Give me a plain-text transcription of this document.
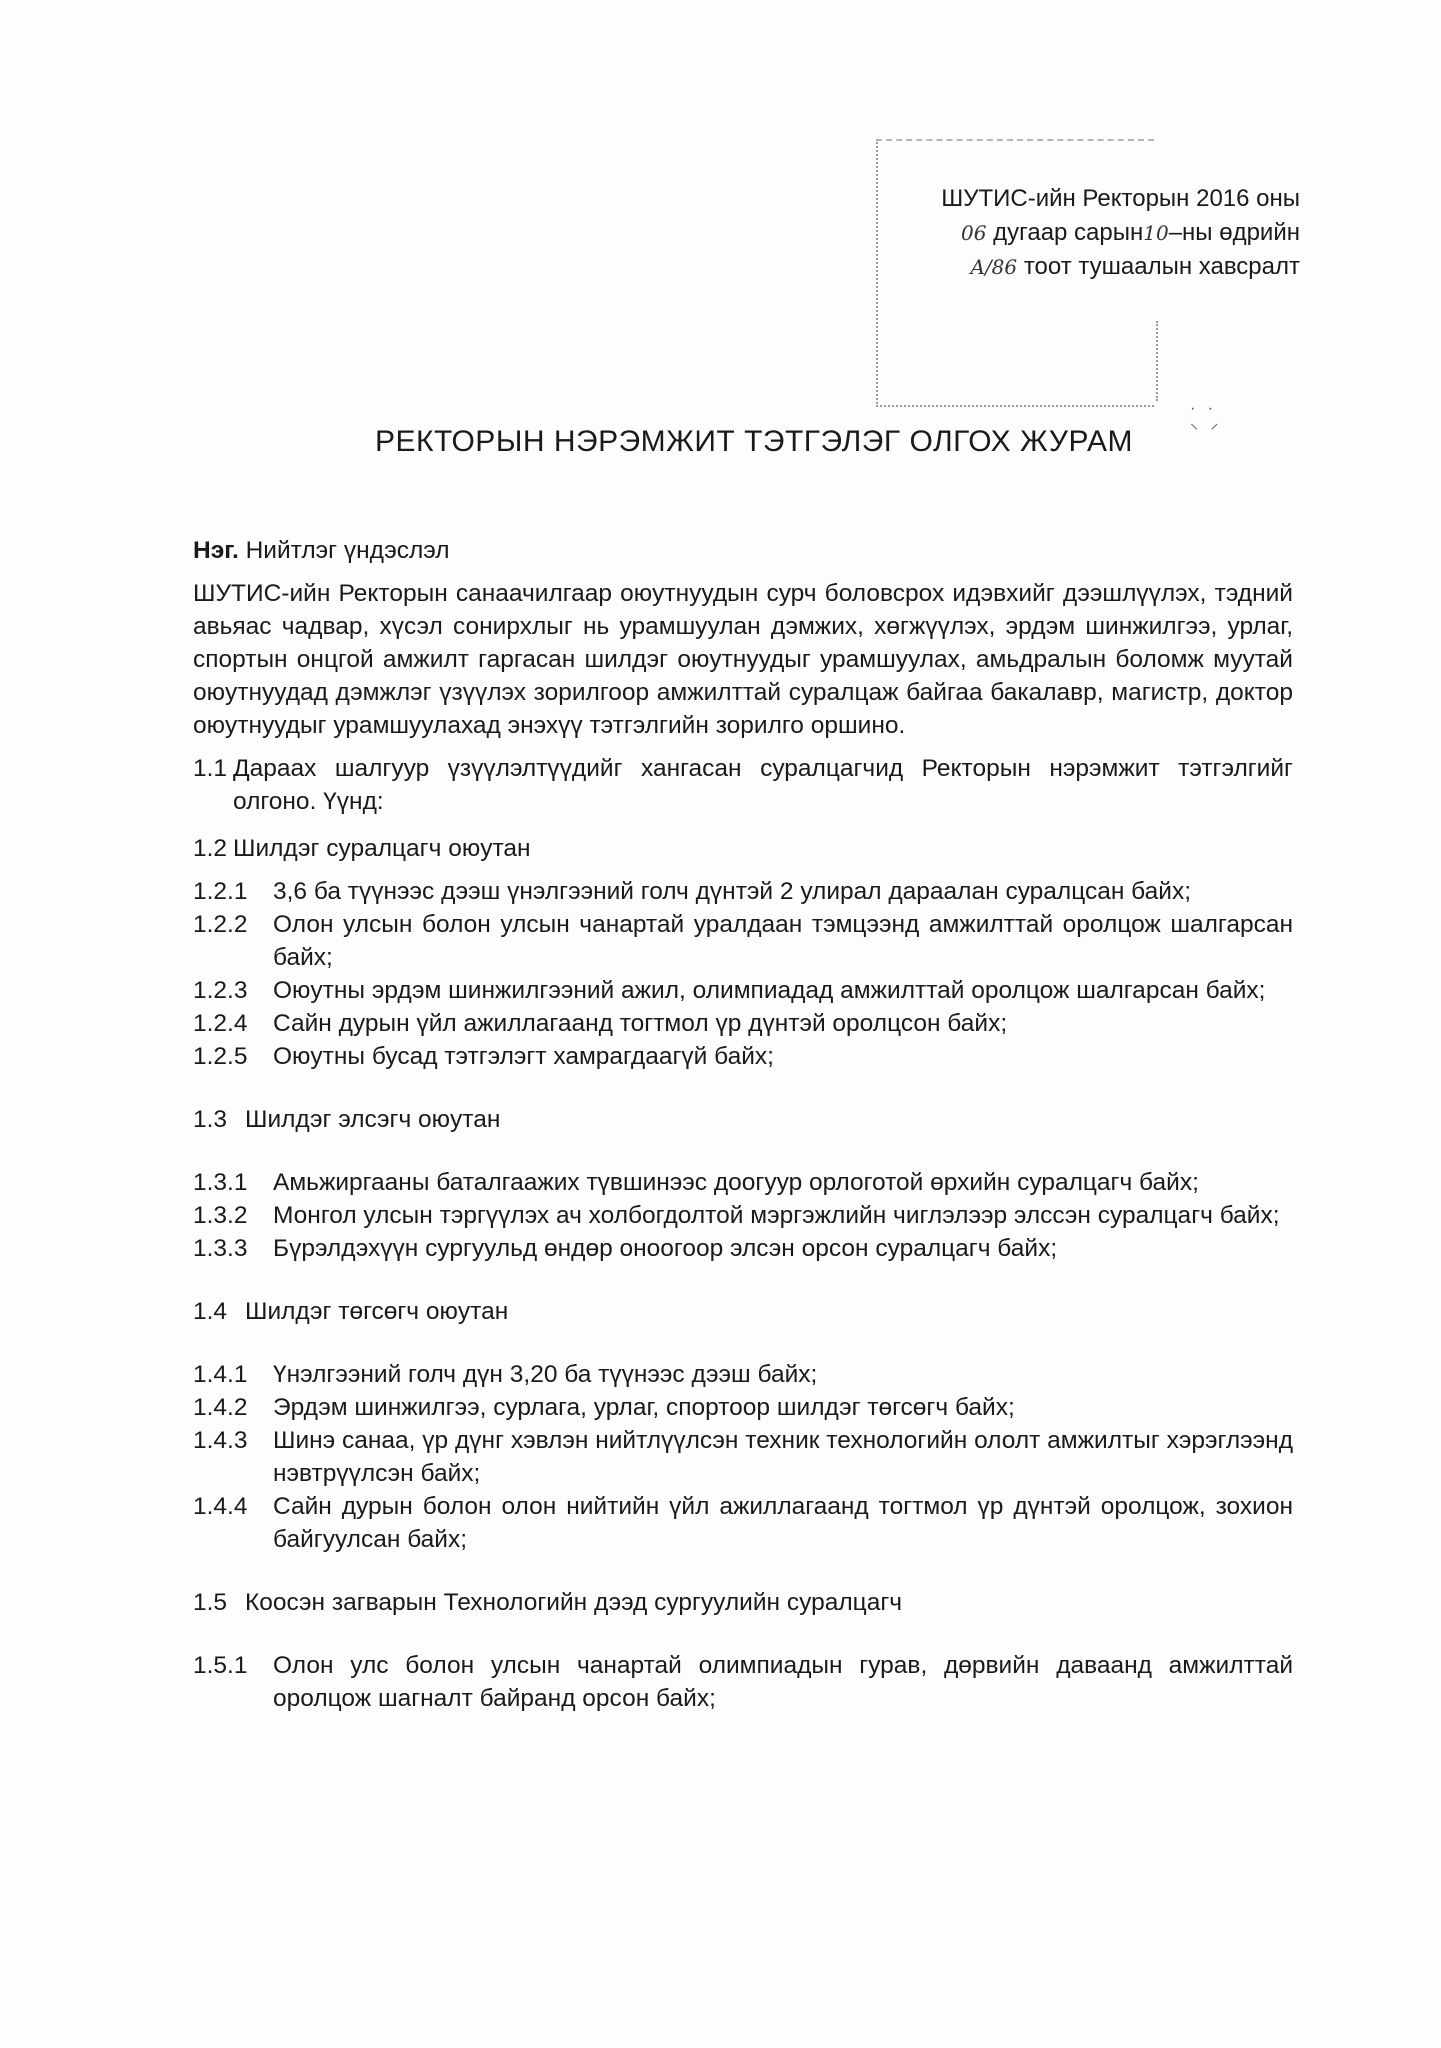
ШУТИС-ийн Ректорын 2016 оны
06 дугаар сарын10–ны өдрийн
A/86 тоот тушаалын хавсралт
· ·
⸌ ⸍
РЕКТОРЫН НЭРЭМЖИТ ТЭТГЭЛЭГ ОЛГОХ ЖУРАМ
Нэг. Нийтлэг үндэслэл

ШУТИС-ийн Ректорын санаачилгаар оюутнуудын сурч боловсрох идэвхийг дээшлүүлэх, тэдний авьяас чадвар, хүсэл сонирхлыг нь урамшуулан дэмжих, хөгжүүлэх, эрдэм шинжилгээ, урлаг, спортын онцгой амжилт гаргасан шилдэг оюутнуудыг урамшуулах, амьдралын боломж муутай оюутнуудад дэмжлэг үзүүлэх зорилгоор амжилттай суралцаж байгаа бакалавр, магистр, доктор оюутнуудыг урамшуулахад энэхүү тэтгэлгийн зорилго оршино.

1.1 Дараах шалгуур үзүүлэлтүүдийг хангасан суралцагчид Ректорын нэрэмжит тэтгэлгийг олгоно. Үүнд:
1.2 Шилдэг суралцагч оюутан
1.2.1	3,6 ба түүнээс дээш үнэлгээний голч дүнтэй 2 улирал дараалан суралцсан байх;
1.2.2	Олон улсын болон улсын чанартай уралдаан тэмцээнд амжилттай оролцож шалгарсан байх;
1.2.3	Оюутны эрдэм шинжилгээний ажил, олимпиадад амжилттай оролцож шалгарсан байх;
1.2.4	Сайн дурын үйл ажиллагаанд тогтмол үр дүнтэй оролцсон байх;
1.2.5	Оюутны бусад тэтгэлэгт хамрагдаагүй байх;
1.3 Шилдэг элсэгч оюутан
1.3.1	Амьжиргааны баталгаажих түвшинээс доогуур орлоготой өрхийн суралцагч байх;
1.3.2	Монгол улсын тэргүүлэх ач холбогдолтой мэргэжлийн чиглэлээр элссэн суралцагч байх;
1.3.3	Бүрэлдэхүүн сургуульд өндөр оноогоор элсэн орсон суралцагч байх;
1.4 Шилдэг төгсөгч оюутан
1.4.1	Үнэлгээний голч дүн 3,20 ба түүнээс дээш байх;
1.4.2	Эрдэм шинжилгээ, сурлага, урлаг, спортоор шилдэг төгсөгч байх;
1.4.3	Шинэ санаа, үр дүнг хэвлэн нийтлүүлсэн техник технологийн ололт амжилтыг хэрэглээнд нэвтрүүлсэн байх;
1.4.4	Сайн дурын болон олон нийтийн үйл ажиллагаанд тогтмол үр дүнтэй оролцож, зохион байгуулсан байх;
1.5 Коосэн загварын Технологийн дээд сургуулийн суралцагч
1.5.1	Олон улс болон улсын чанартай олимпиадын гурав, дөрвийн даваанд амжилттай оролцож шагналт байранд орсон байх;
